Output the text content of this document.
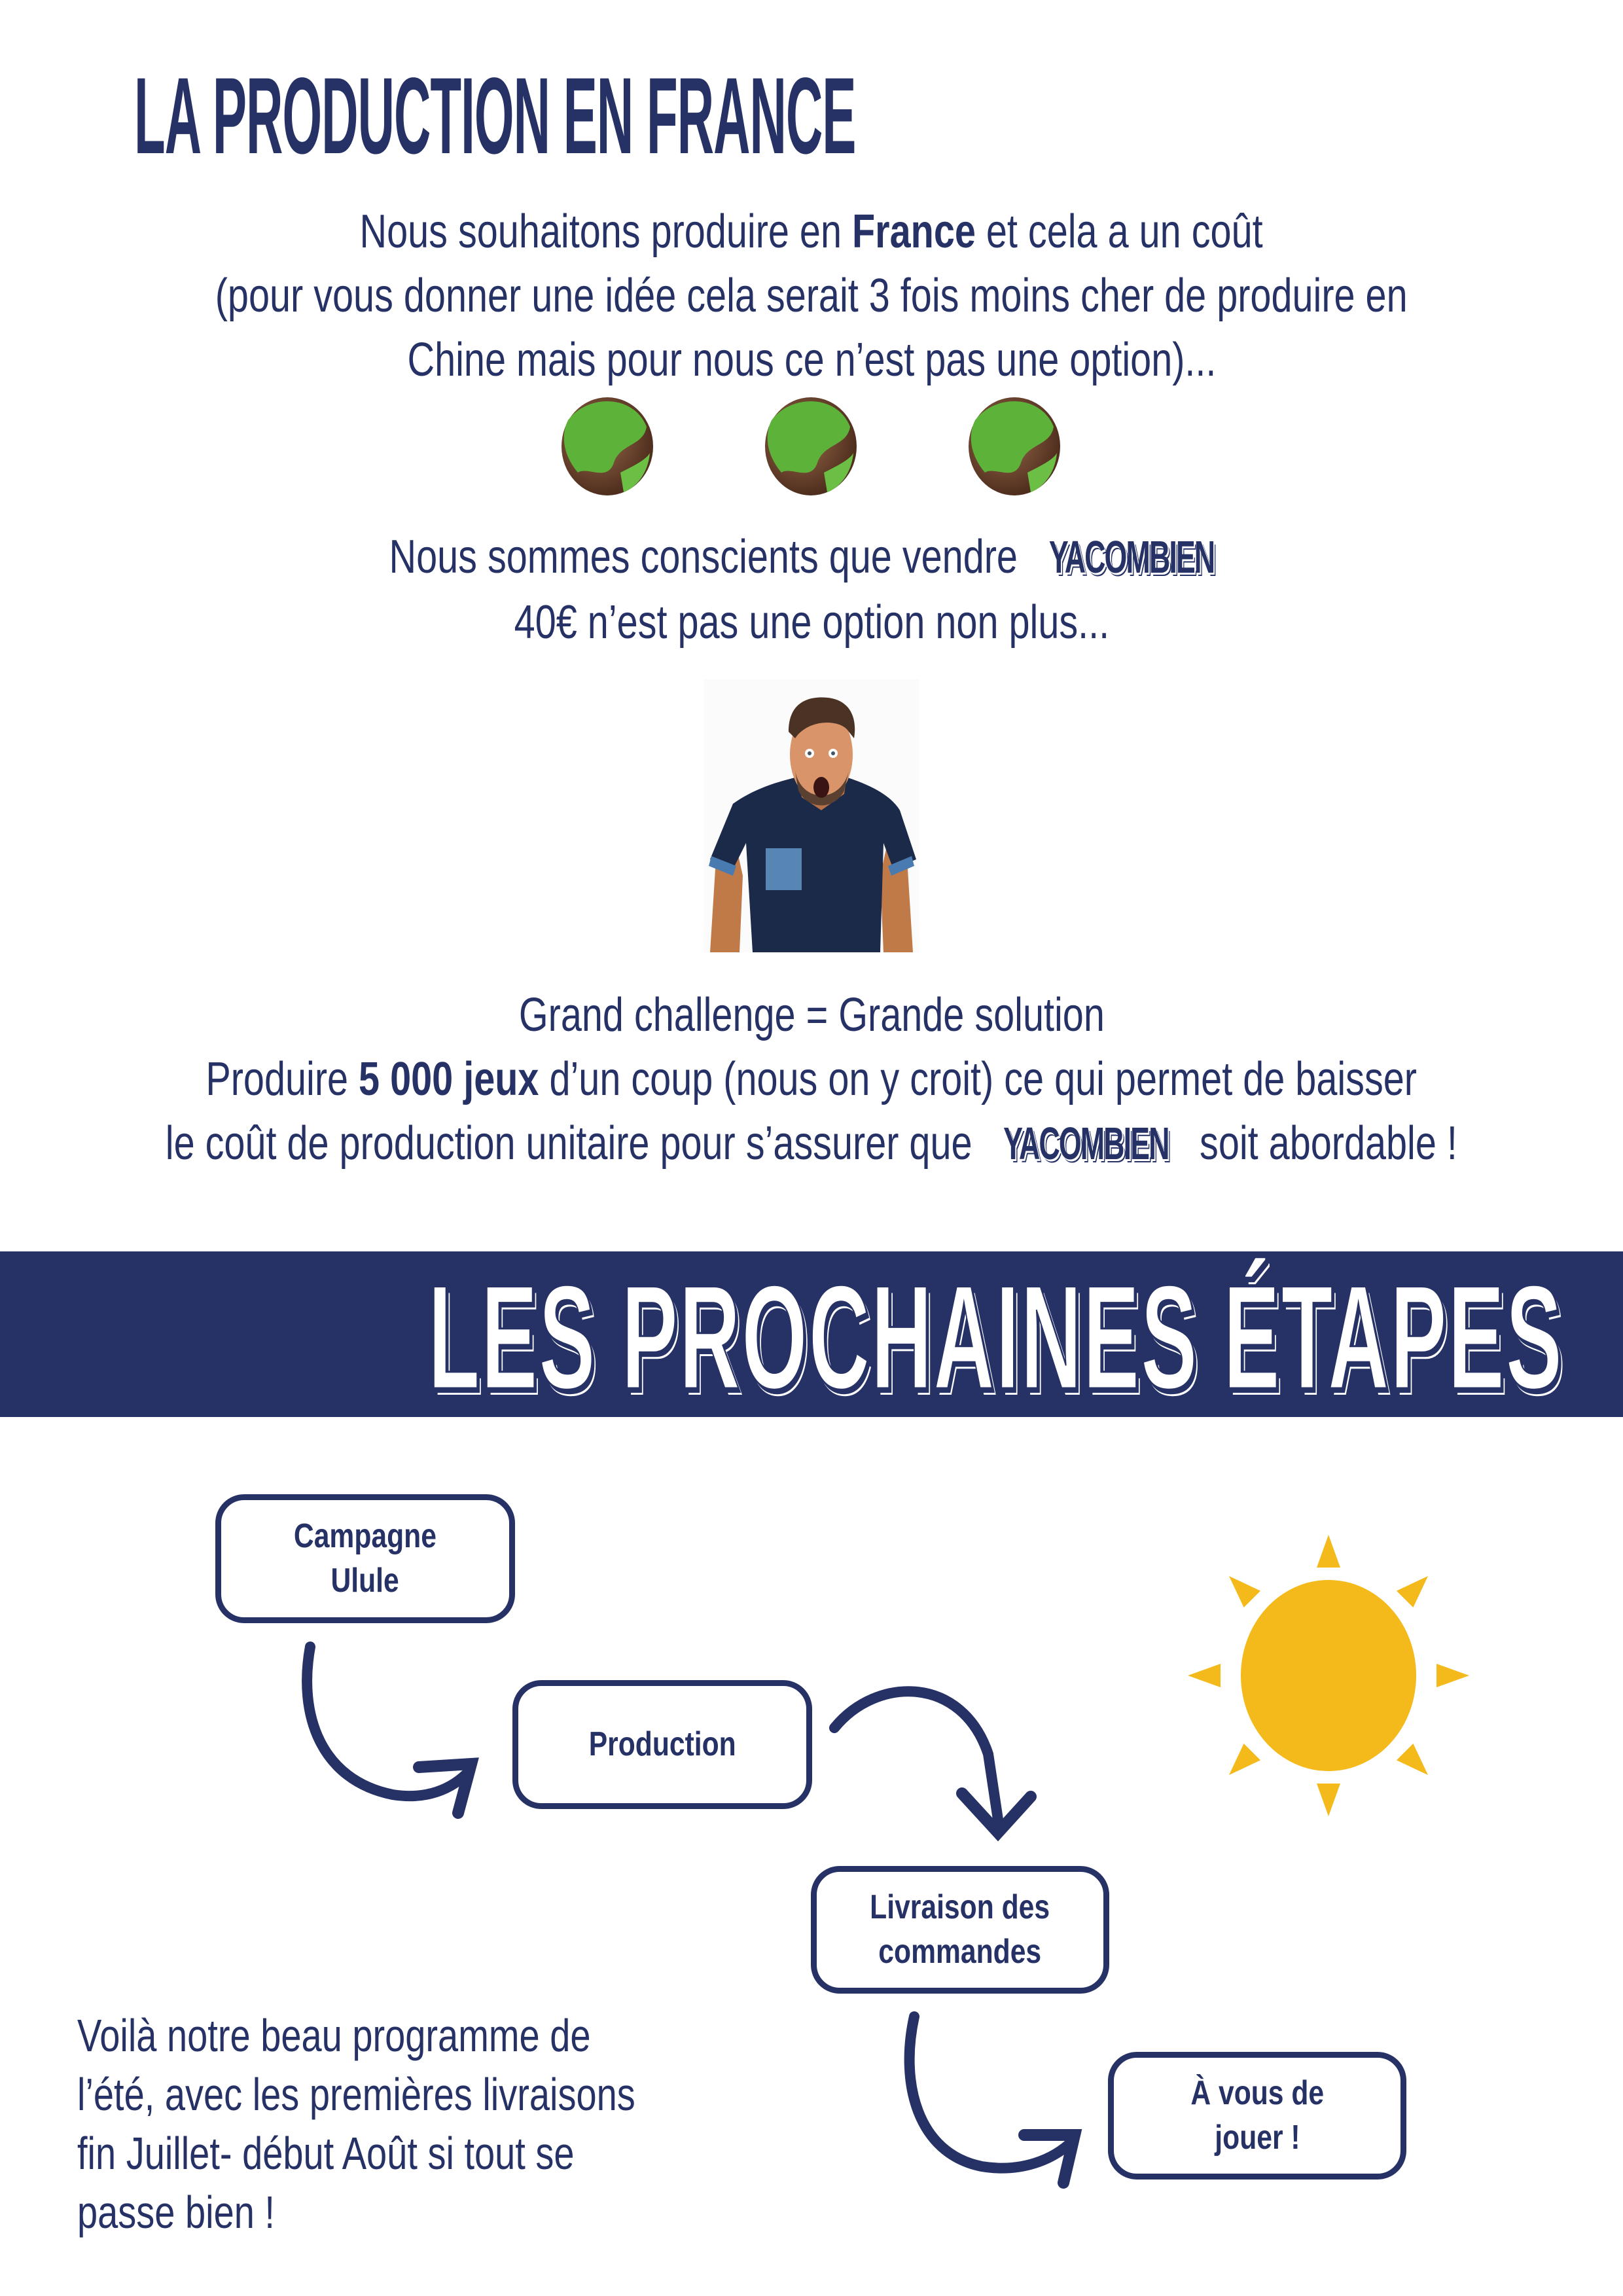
LA PRODUCTION EN FRANCE
Nous souhaitons produire en France et cela a un coût
(pour vous donner une idée cela serait 3 fois moins cher de produire en
Chine mais pour nous ce n’est pas une option)...
Nous sommes conscients que vendre YACOMBIEN
40€ n’est pas une option non plus...
Grand challenge = Grande solution
Produire 5 000 jeux d’un coup (nous on y croit) ce qui permet de baisser
le coût de production unitaire pour s’assurer que YACOMBIEN soit abordable !
LES PROCHAINES ÉTAPES
Campagne
Ulule
Production
Livraison des
commandes
À vous de
jouer !
Voilà notre beau programme de
l’été, avec les premières livraisons
fin Juillet- début Août si tout se
passe bien !
